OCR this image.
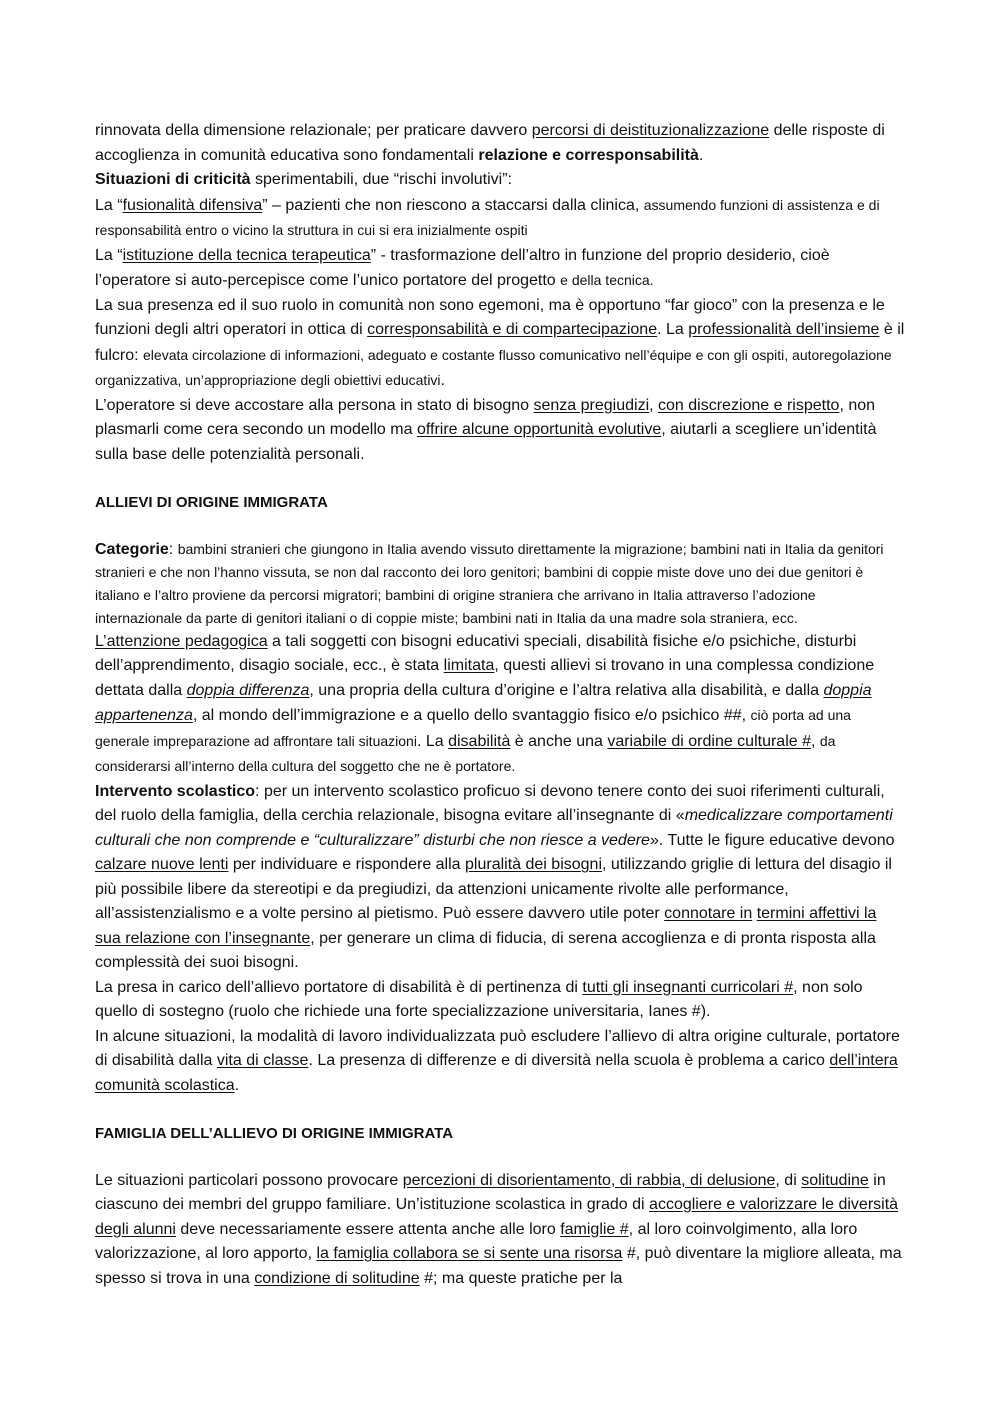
rinnovata della dimensione relazionale; per praticare davvero percorsi di deistituzionalizzazione delle risposte di accoglienza in comunità educativa sono fondamentali relazione e corresponsabilità.

Situazioni di criticità sperimentabili, due “rischi involutivi”:

La “fusionalità difensiva” – pazienti che non riescono a staccarsi dalla clinica, assumendo funzioni di assistenza e di responsabilità entro o vicino la struttura in cui si era inizialmente ospiti

La “istituzione della tecnica terapeutica” - trasformazione dell’altro in funzione del proprio desiderio, cioè l’operatore si auto-percepisce come l’unico portatore del progetto e della tecnica.

La sua presenza ed il suo ruolo in comunità non sono egemoni, ma è opportuno “far gioco” con la presenza e le funzioni degli altri operatori in ottica di corresponsabilità e di compartecipazione. La professionalità dell’insieme è il fulcro: elevata circolazione di informazioni, adeguato e costante flusso comunicativo nell’équipe e con gli ospiti, autoregolazione organizzativa, un’appropriazione degli obiettivi educativi.

L’operatore si deve accostare alla persona in stato di bisogno senza pregiudizi, con discrezione e rispetto, non plasmarli come cera secondo un modello ma offrire alcune opportunità evolutive, aiutarli a scegliere un’identità sulla base delle potenzialità personali.

ALLIEVI DI ORIGINE IMMIGRATA

Categorie: bambini stranieri che giungono in Italia avendo vissuto direttamente la migrazione; bambini nati in Italia da genitori stranieri e che non l’hanno vissuta, se non dal racconto dei loro genitori; bambini di coppie miste dove uno dei due genitori è italiano e l’altro proviene da percorsi migratori; bambini di origine straniera che arrivano in Italia attraverso l’adozione internazionale da parte di genitori italiani o di coppie miste; bambini nati in Italia da una madre sola straniera, ecc.

L’attenzione pedagogica a tali soggetti con bisogni educativi speciali, disabilità fisiche e/o psichiche, disturbi dell’apprendimento, disagio sociale, ecc., è stata limitata, questi allievi si trovano in una complessa condizione dettata dalla doppia differenza, una propria della cultura d’origine e l’altra relativa alla disabilità, e dalla doppia appartenenza, al mondo dell’immigrazione e a quello dello svantaggio fisico e/o psichico ##, ciò porta ad una generale impreparazione ad affrontare tali situazioni. La disabilità è anche una variabile di ordine culturale #, da considerarsi all’interno della cultura del soggetto che ne è portatore.

Intervento scolastico: per un intervento scolastico proficuo si devono tenere conto dei suoi riferimenti culturali, del ruolo della famiglia, della cerchia relazionale, bisogna evitare all’insegnante di «medicalizzare comportamenti culturali che non comprende e “culturalizzare” disturbi che non riesce a vedere». Tutte le figure educative devono calzare nuove lenti per individuare e rispondere alla pluralità dei bisogni, utilizzando griglie di lettura del disagio il più possibile libere da stereotipi e da pregiudizi, da attenzioni unicamente rivolte alle performance, all’assistenzialismo e a volte persino al pietismo. Può essere davvero utile poter connotare in termini affettivi la sua relazione con l’insegnante, per generare un clima di fiducia, di serena accoglienza e di pronta risposta alla complessità dei suoi bisogni.

La presa in carico dell’allievo portatore di disabilità è di pertinenza di tutti gli insegnanti curricolari #, non solo quello di sostegno (ruolo che richiede una forte specializzazione universitaria, Ianes #).

In alcune situazioni, la modalità di lavoro individualizzata può escludere l’allievo di altra origine culturale, portatore di disabilità dalla vita di classe. La presenza di differenze e di diversità nella scuola è problema a carico dell’intera comunità scolastica.

FAMIGLIA DELL’ALLIEVO DI ORIGINE IMMIGRATA

Le situazioni particolari possono provocare percezioni di disorientamento, di rabbia, di delusione, di solitudine in ciascuno dei membri del gruppo familiare. Un’istituzione scolastica in grado di accogliere e valorizzare le diversità degli alunni deve necessariamente essere attenta anche alle loro famiglie #, al loro coinvolgimento, alla loro valorizzazione, al loro apporto, la famiglia collabora se si sente una risorsa #, può diventare la migliore alleata, ma spesso si trova in una condizione di solitudine #; ma queste pratiche per la
